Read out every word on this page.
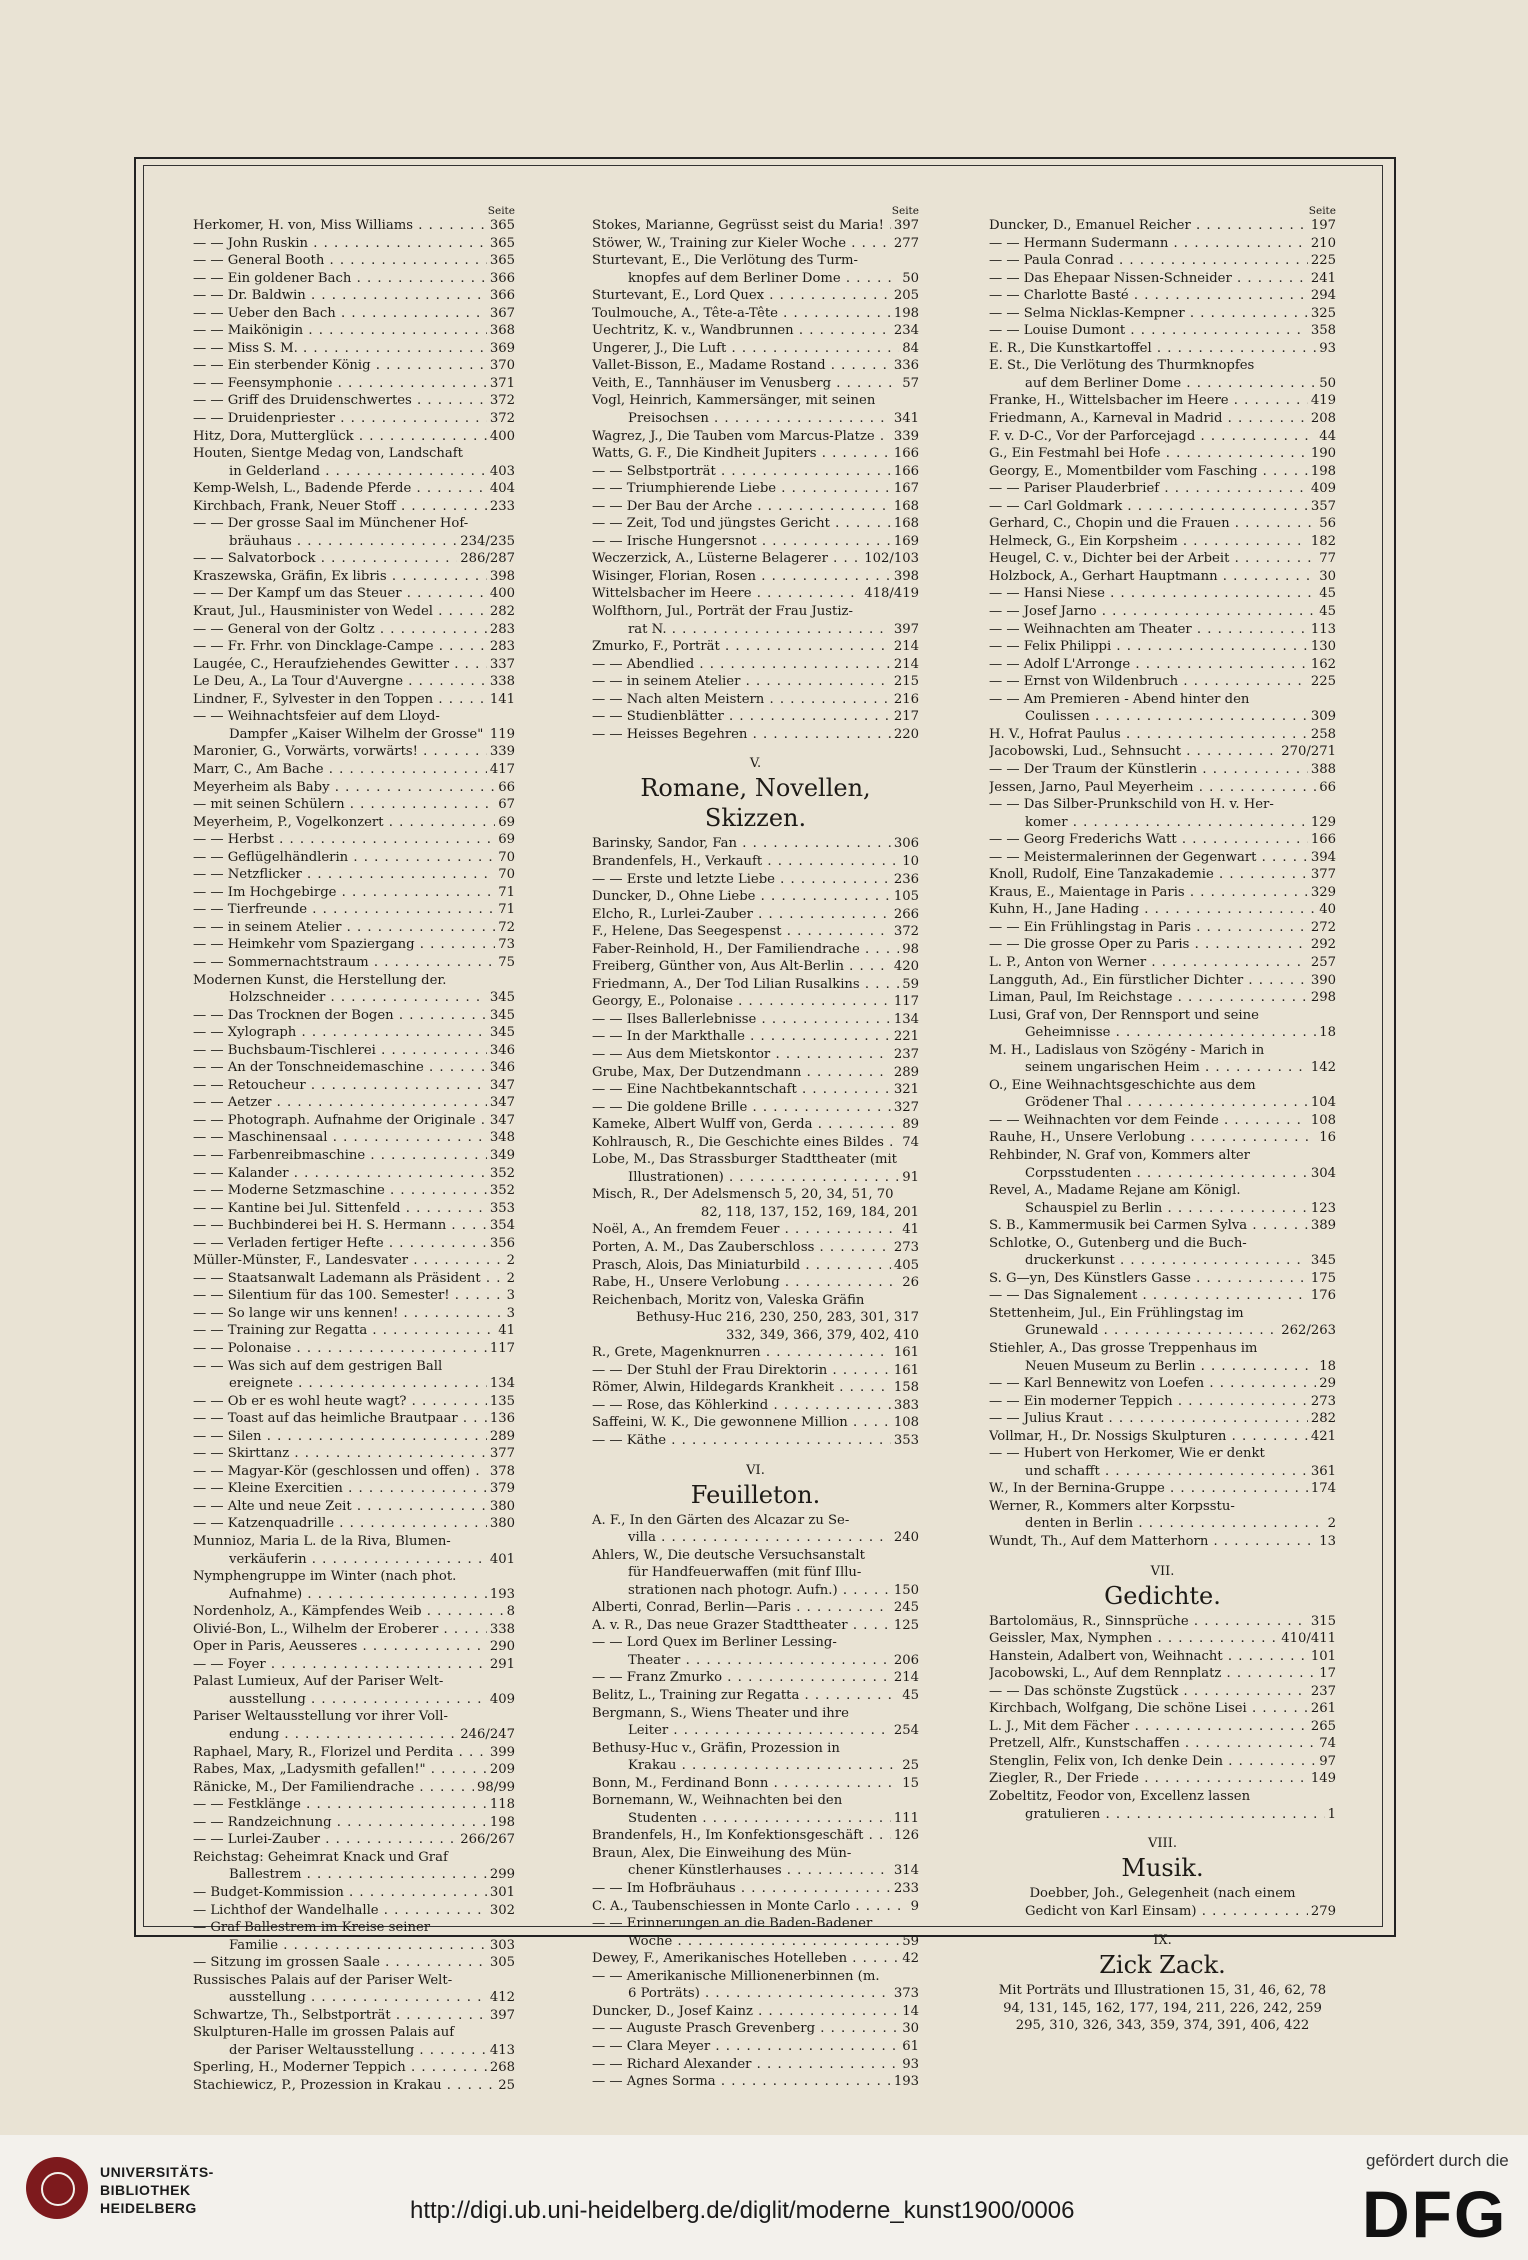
Seite
Herkomer, H. von, Miss Williams . . .	365
— — John Ruskin . . .	365
— — General Booth . . .	365
— — Ein goldener Bach . . .	366
— — Dr. Baldwin . . .	366
— — Ueber den Bach . . .	367
— — Maikönigin . . .	368
— — Miss S. M. . . .	369
— — Ein sterbender König . . .	370
— — Feensymphonie . . .	371
— — Griff des Druidenschwertes . . .	372
— — Druidenpriester . . .	372
Hitz, Dora, Mutterglück . . .	400
Houten, Sientge Medag von, Landschaft
in Gelderland . . .	403
Kemp-Welsh, L., Badende Pferde . . .	404
Kirchbach, Frank, Neuer Stoff . . .	233
— — Der grosse Saal im Münchener Hof-
bräuhaus . . .	234/235
— — Salvatorbock . . .	286/287
Kraszewska, Gräfin, Ex libris . . .	398
— — Der Kampf um das Steuer . . .	400
Kraut, Jul., Hausminister von Wedel . . .	282
— — General von der Goltz . . .	283
— — Fr. Frhr. von Dincklage-Campe . . .	283
Laugée, C., Heraufziehendes Gewitter . . .	337
Le Deu, A., La Tour d'Auvergne . . .	338
Lindner, F., Sylvester in den Toppen . . .	141
— — Weihnachtsfeier auf dem Lloyd-
Dampfer „Kaiser Wilhelm der Grosse" . . . 119
Maronier, G., Vorwärts, vorwärts! . . .	339
Marr, C., Am Bache . . .	417
Meyerheim als Baby . . .	66
— mit seinen Schülern . . .	67
Meyerheim, P., Vogelkonzert . . .	69
— — Herbst . . .	69
— — Geflügelhändlerin . . .	70
— — Netzflicker . . .	70
— — Im Hochgebirge . . .	71
— — Tierfreunde . . .	71
— — in seinem Atelier . . .	72
— — Heimkehr vom Spaziergang . . .	73
— — Sommernachtstraum . . .	75
Modernen Kunst, die Herstellung der.
Holzschneider . . .	345
— — Das Trocknen der Bogen . . .	345
— — Xylograph . . .	345
— — Buchsbaum-Tischlerei . . .	346
— — An der Tonschneidemaschine . . .	346
— — Retoucheur . . .	347
— — Aetzer . . .	347
— — Photograph. Aufnahme der Originale . . .	347
— — Maschinensaal . . .	348
— — Farbenreibmaschine . . .	349
— — Kalander . . .	352
— — Moderne Setzmaschine . . .	352
— — Kantine bei Jul. Sittenfeld . . .	353
— — Buchbinderei bei H. S. Hermann . . .	354
— — Verladen fertiger Hefte . . .	356
Müller-Münster, F., Landesvater . . .	2
— — Staatsanwalt Lademann als Präsident . . .	2
— — Silentium für das 100. Semester! . . .	3
— — So lange wir uns kennen! . . .	3
— — Training zur Regatta . . .	41
— — Polonaise . . .	117
— — Was sich auf dem gestrigen Ball
ereignete . . .	134
— — Ob er es wohl heute wagt? . . .	135
— — Toast auf das heimliche Brautpaar . . .	136
— — Silen . . .	289
— — Skirttanz . . .	377
— — Magyar-Kör (geschlossen und offen) . . .	378
— — Kleine Exercitien . . .	379
— — Alte und neue Zeit . . .	380
— — Katzenquadrille . . .	380
Munnioz, Maria L. de la Riva, Blumen-
verkäuferin . . .	401
Nymphengruppe im Winter (nach phot.
Aufnahme) . . .	193
Nordenholz, A., Kämpfendes Weib . . .	8
Olivié-Bon, L., Wilhelm der Eroberer . . .	338
Oper in Paris, Aeusseres . . .	290
— — Foyer . . .	291
Palast Lumieux, Auf der Pariser Welt-
ausstellung . . .	409
Pariser Weltausstellung vor ihrer Voll-
endung . . .	246/247
Raphael, Mary, R., Florizel und Perdita . . .	399
Rabes, Max, „Ladysmith gefallen!" . . .	209
Ränicke, M., Der Familiendrache . . .	98/99
— — Festklänge . . .	118
— — Randzeichnung . . .	198
— — Lurlei-Zauber . . .	266/267
Reichstag: Geheimrat Knack und Graf
Ballestrem . . .	299
— Budget-Kommission . . .	301
— Lichthof der Wandelhalle . . .	302
— Graf Ballestrem im Kreise seiner
Familie . . .	303
— Sitzung im grossen Saale . . .	305
Russisches Palais auf der Pariser Welt-
ausstellung . . .	412
Schwartze, Th., Selbstporträt . . .	397
Skulpturen-Halle im grossen Palais auf
der Pariser Weltausstellung . . .	413
Sperling, H., Moderner Teppich . . .	268
Stachiewicz, P., Prozession in Krakau . . .	25
Seite
Stokes, Marianne, Gegrüsst seist du Maria! . . . 397
Stöwer, W., Training zur Kieler Woche . . .	277
Sturtevant, E., Die Verlötung des Turm-
knopfes auf dem Berliner Dome . . .	50
Sturtevant, E., Lord Quex . . .	205
Toulmouche, A., Tête-a-Tête . . .	198
Uechtritz, K. v., Wandbrunnen . . .	234
Ungerer, J., Die Luft . . .	84
Vallet-Bisson, E., Madame Rostand . . .	336
Veith, E., Tannhäuser im Venusberg . . .	57
Vogl, Heinrich, Kammersänger, mit seinen
Preisochsen . . .	341
Wagrez, J., Die Tauben vom Marcus-Platze . . .	339
Watts, G. F., Die Kindheit Jupiters . . .	166
— — Selbstporträt . . .	166
— — Triumphierende Liebe . . .	167
— — Der Bau der Arche . . .	168
— — Zeit, Tod und jüngstes Gericht . . .	168
— — Irische Hungersnot . . .	169
Weczerzick, A., Lüsterne Belagerer . . .	102/103
Wisinger, Florian, Rosen . . .	398
Wittelsbacher im Heere . . .	418/419
Wolfthorn, Jul., Porträt der Frau Justiz-
rat N. . . .	397
Zmurko, F., Porträt . . .	214
— — Abendlied . . .	214
— — in seinem Atelier . . .	215
— — Nach alten Meistern . . .	216
— — Studienblätter . . .	217
— — Heisses Begehren . . .	220
V.
Romane, Novellen, Skizzen.
Barinsky, Sandor, Fan . . .	306
Brandenfels, H., Verkauft . . .	10
— — Erste und letzte Liebe . . .	236
Duncker, D., Ohne Liebe . . .	105
Elcho, R., Lurlei-Zauber . . .	266
F., Helene, Das Seegespenst . . .	372
Faber-Reinhold, H., Der Familiendrache . . .	98
Freiberg, Günther von, Aus Alt-Berlin . . .	420
Friedmann, A., Der Tod Lilian Rusalkins . . .	59
Georgy, E., Polonaise . . .	117
— — Ilses Ballerlebnisse . . .	134
— — In der Markthalle . . .	221
— — Aus dem Mietskontor . . .	237
Grube, Max, Der Dutzendmann . . .	289
— — Eine Nachtbekanntschaft . . .	321
— — Die goldene Brille . . .	327
Kameke, Albert Wulff von, Gerda . . .	89
Kohlrausch, R., Die Geschichte eines Bildes . . .	74
Lobe, M., Das Strassburger Stadttheater (mit
Illustrationen) . . .	91
Misch, R., Der Adelsmensch 5, 20, 34, 51, 70
82, 118, 137, 152, 169, 184, 201
Noël, A., An fremdem Feuer . . .	41
Porten, A. M., Das Zauberschloss . . .	273
Prasch, Alois, Das Miniaturbild . . .	405
Rabe, H., Unsere Verlobung . . .	26
Reichenbach, Moritz von, Valeska Gräfin
Bethusy-Huc 216, 230, 250, 283, 301, 317
332, 349, 366, 379, 402, 410
R., Grete, Magenknurren . . .	161
— — Der Stuhl der Frau Direktorin . . .	161
Römer, Alwin, Hildegards Krankheit . . .	158
— — Rose, das Köhlerkind . . .	383
Saffeini, W. K., Die gewonnene Million . . .	108
— — Käthe . . .	353
VI.
Feuilleton.
A. F., In den Gärten des Alcazar zu Se-
villa . . .	240
Ahlers, W., Die deutsche Versuchsanstalt
für Handfeuerwaffen (mit fünf Illu-
strationen nach photogr. Aufn.) . . .	150
Alberti, Conrad, Berlin—Paris . . .	245
A. v. R., Das neue Grazer Stadttheater . . .	125
— — Lord Quex im Berliner Lessing-
Theater . . .	206
— — Franz Zmurko . . .	214
Belitz, L., Training zur Regatta . . .	45
Bergmann, S., Wiens Theater und ihre
Leiter . . .	254
Bethusy-Huc v., Gräfin, Prozession in
Krakau . . .	25
Bonn, M., Ferdinand Bonn . . .	15
Bornemann, W., Weihnachten bei den
Studenten . . .	111
Brandenfels, H., Im Konfektionsgeschäft . . .	126
Braun, Alex, Die Einweihung des Mün-
chener Künstlerhauses . . .	314
— — Im Hofbräuhaus . . .	233
C. A., Taubenschiessen in Monte Carlo . . .	9
— — Erinnerungen an die Baden-Badener
Woche . . .	59
Dewey, F., Amerikanisches Hotelleben . . .	42
— — Amerikanische Millionenerbinnen (m.
6 Porträts) . . .	373
Duncker, D., Josef Kainz . . .	14
— — Auguste Prasch Grevenberg . . .	30
— — Clara Meyer . . .	61
— — Richard Alexander . . .	93
— — Agnes Sorma . . .	193
Seite
Duncker, D., Emanuel Reicher . . .	197
— — Hermann Sudermann . . .	210
— — Paula Conrad . . .	225
— — Das Ehepaar Nissen-Schneider . . .	241
— — Charlotte Basté . . .	294
— — Selma Nicklas-Kempner . . .	325
— — Louise Dumont . . .	358
E. R., Die Kunstkartoffel . . .	93
E. St., Die Verlötung des Thurmknopfes
auf dem Berliner Dome . . .	50
Franke, H., Wittelsbacher im Heere . . .	419
Friedmann, A., Karneval in Madrid . . .	208
F. v. D-C., Vor der Parforcejagd . . .	44
G., Ein Festmahl bei Hofe . . .	190
Georgy, E., Momentbilder vom Fasching . . .	198
— — Pariser Plauderbrief . . .	409
— — Carl Goldmark . . .	357
Gerhard, C., Chopin und die Frauen . . .	56
Helmeck, G., Ein Korpsheim . . .	182
Heugel, C. v., Dichter bei der Arbeit . . .	77
Holzbock, A., Gerhart Hauptmann . . .	30
— — Hansi Niese . . .	45
— — Josef Jarno . . .	45
— — Weihnachten am Theater . . .	113
— — Felix Philippi . . .	130
— — Adolf L'Arronge . . .	162
— — Ernst von Wildenbruch . . .	225
— — Am Premieren - Abend hinter den
Coulissen . . .	309
H. V., Hofrat Paulus . . .	258
Jacobowski, Lud., Sehnsucht . . .	270/271
— — Der Traum der Künstlerin . . .	388
Jessen, Jarno, Paul Meyerheim . . .	66
— — Das Silber-Prunkschild von H. v. Her-
komer . . .	129
— — Georg Frederichs Watt . . .	166
— — Meistermalerinnen der Gegenwart . . .	394
Knoll, Rudolf, Eine Tanzakademie . . .	377
Kraus, E., Maientage in Paris . . .	329
Kuhn, H., Jane Hading . . .	40
— — Ein Frühlingstag in Paris . . .	272
— — Die grosse Oper zu Paris . . .	292
L. P., Anton von Werner . . .	257
Langguth, Ad., Ein fürstlicher Dichter . . .	390
Liman, Paul, Im Reichstage . . .	298
Lusi, Graf von, Der Rennsport und seine
Geheimnisse . . .	18
M. H., Ladislaus von Szögény - Marich in
seinem ungarischen Heim . . .	142
O., Eine Weihnachtsgeschichte aus dem
Grödener Thal . . .	104
— — Weihnachten vor dem Feinde . . .	108
Rauhe, H., Unsere Verlobung . . .	16
Rehbinder, N. Graf von, Kommers alter
Corpsstudenten . . .	304
Revel, A., Madame Rejane am Königl.
Schauspiel zu Berlin . . .	123
S. B., Kammermusik bei Carmen Sylva . . .	389
Schlotke, O., Gutenberg und die Buch-
druckerkunst . . .	345
S. G—yn, Des Künstlers Gasse . . .	175
— — Das Signalement . . .	176
Stettenheim, Jul., Ein Frühlingstag im
Grunewald . . .	262/263
Stiehler, A., Das grosse Treppenhaus im
Neuen Museum zu Berlin . . .	18
— — Karl Bennewitz von Loefen . . .	29
— — Ein moderner Teppich . . .	273
— — Julius Kraut . . .	282
Vollmar, H., Dr. Nossigs Skulpturen . . .	421
— — Hubert von Herkomer, Wie er denkt
und schafft . . .	361
W., In der Bernina-Gruppe . . .	174
Werner, R., Kommers alter Korpsstu-
denten in Berlin . . .	2
Wundt, Th., Auf dem Matterhorn . . .	13
VII.
Gedichte.
Bartolomäus, R., Sinnsprüche . . .	315
Geissler, Max, Nymphen . . .	410/411
Hanstein, Adalbert von, Weihnacht . . .	101
Jacobowski, L., Auf dem Rennplatz . . .	17
— — Das schönste Zugstück . . .	237
Kirchbach, Wolfgang, Die schöne Lisei . . .	261
L. J., Mit dem Fächer . . .	265
Pretzell, Alfr., Kunstschaffen . . .	74
Stenglin, Felix von, Ich denke Dein . . .	97
Ziegler, R., Der Friede . . .	149
Zobeltitz, Feodor von, Excellenz lassen
gratulieren . . .	1
VIII.
Musik.
Doebber, Joh., Gelegenheit (nach einem
Gedicht von Karl Einsam) . . .	279
IX.
Zick Zack.
Mit Porträts und Illustrationen 15, 31, 46, 62, 78
94, 131, 145, 162, 177, 194, 211, 226, 242, 259
295, 310, 326, 343, 359, 374, 391, 406, 422
UNIVERSITÄTS-
BIBLIOTHEK
HEIDELBERG	http://digi.ub.uni-heidelberg.de/diglit/moderne_kunst1900/0006
gefördert durch die
DFG
